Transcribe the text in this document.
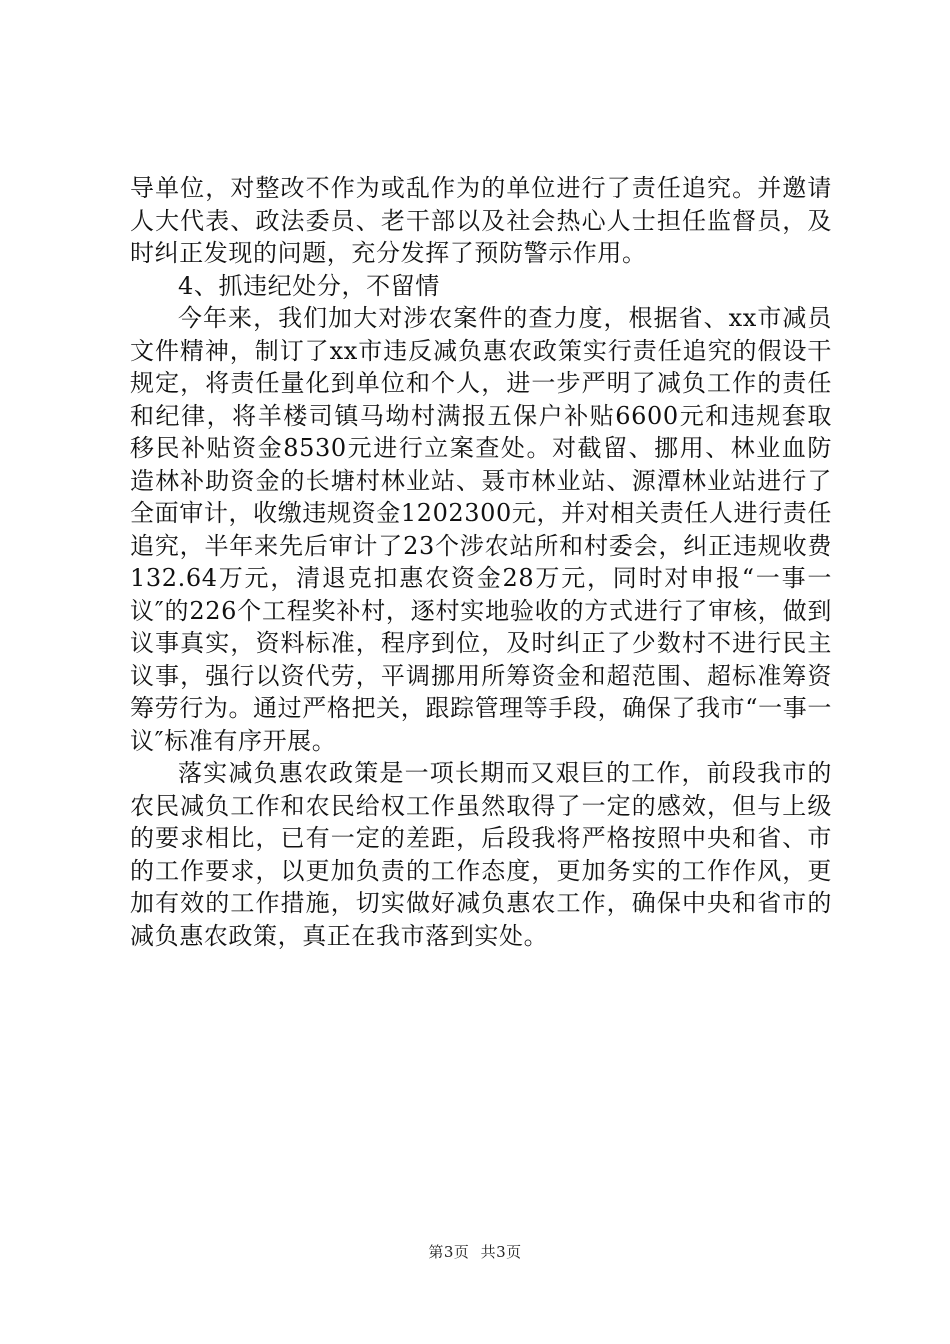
导单位，对整改不作为或乱作为的单位进行了责任追究。并邀请人大代表、政法委员、老干部以及社会热心人士担任监督员，及时纠正发现的问题，充分发挥了预防警示作用。

4、抓违纪处分，不留情

今年来，我们加大对涉农案件的查力度，根据省、xx市减员文件精神，制订了xx市违反减负惠农政策实行责任追究的假设干规定，将责任量化到单位和个人，进一步严明了减负工作的责任和纪律，将羊楼司镇马坳村满报五保户补贴6600元和违规套取移民补贴资金8530元进行立案查处。对截留、挪用、林业血防造林补助资金的长塘村林业站、聂市林业站、源潭林业站进行了全面审计，收缴违规资金1202300元，并对相关责任人进行责任追究，半年来先后审计了23个涉农站所和村委会，纠正违规收费132.64万元，清退克扣惠农资金28万元，同时对申报“一事一议″的226个工程奖补村，逐村实地验收的方式进行了审核，做到议事真实，资料标准，程序到位，及时纠正了少数村不进行民主议事，强行以资代劳，平调挪用所筹资金和超范围、超标准筹资筹劳行为。通过严格把关，跟踪管理等手段，确保了我市“一事一议″标准有序开展。

落实减负惠农政策是一项长期而又艰巨的工作，前段我市的农民减负工作和农民给权工作虽然取得了一定的感效，但与上级的要求相比，已有一定的差距，后段我将严格按照中央和省、市的工作要求，以更加负责的工作态度，更加务实的工作作风，更加有效的工作措施，切实做好减负惠农工作，确保中央和省市的减负惠农政策，真正在我市落到实处。

第3页 共3页
